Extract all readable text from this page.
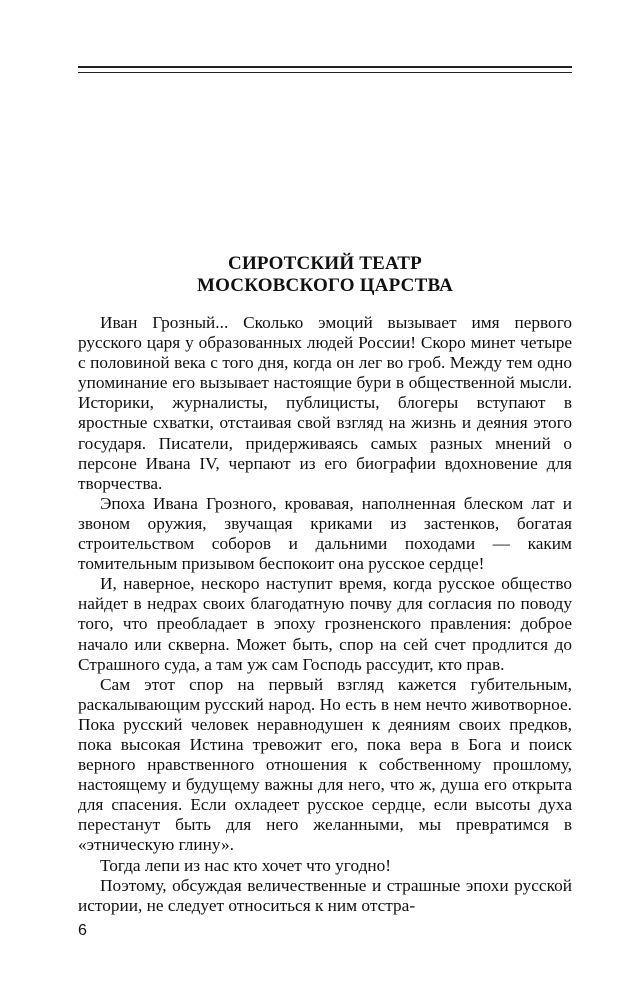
СИРОТСКИЙ ТЕАТР
МОСКОВСКОГО ЦАРСТВА

Иван Грозный... Сколько эмоций вызывает имя первого русского царя у образованных людей России! Скоро минет четыре с половиной века с того дня, когда он лег во гроб. Между тем одно упоминание его вызывает настоящие бури в общественной мысли. Историки, журналисты, публицисты, блогеры вступают в яростные схватки, отстаивая свой взгляд на жизнь и деяния этого государя. Писатели, придерживаясь самых разных мнений о персоне Ивана IV, черпают из его биографии вдохновение для творчества.

Эпоха Ивана Грозного, кровавая, наполненная блеском лат и звоном оружия, звучащая криками из застенков, богатая строительством соборов и дальними походами — каким томительным призывом беспокоит она русское сердце!

И, наверное, нескоро наступит время, когда русское общество найдет в недрах своих благодатную почву для согласия по поводу того, что преобладает в эпоху грозненского правления: доброе начало или скверна. Может быть, спор на сей счет продлится до Страшного суда, а там уж сам Господь рассудит, кто прав.

Сам этот спор на первый взгляд кажется губительным, раскалывающим русский народ. Но есть в нем нечто животворное. Пока русский человек неравнодушен к деяниям своих предков, пока высокая Истина тревожит его, пока вера в Бога и поиск верного нравственного отношения к собственному прошлому, настоящему и будущему важны для него, что ж, душа его открыта для спасения. Если охладеет русское сердце, если высоты духа перестанут быть для него желанными, мы превратимся в «этническую глину».

Тогда лепи из нас кто хочет что угодно!

Поэтому, обсуждая величественные и страшные эпохи русской истории, не следует относиться к ним отстра-

6
